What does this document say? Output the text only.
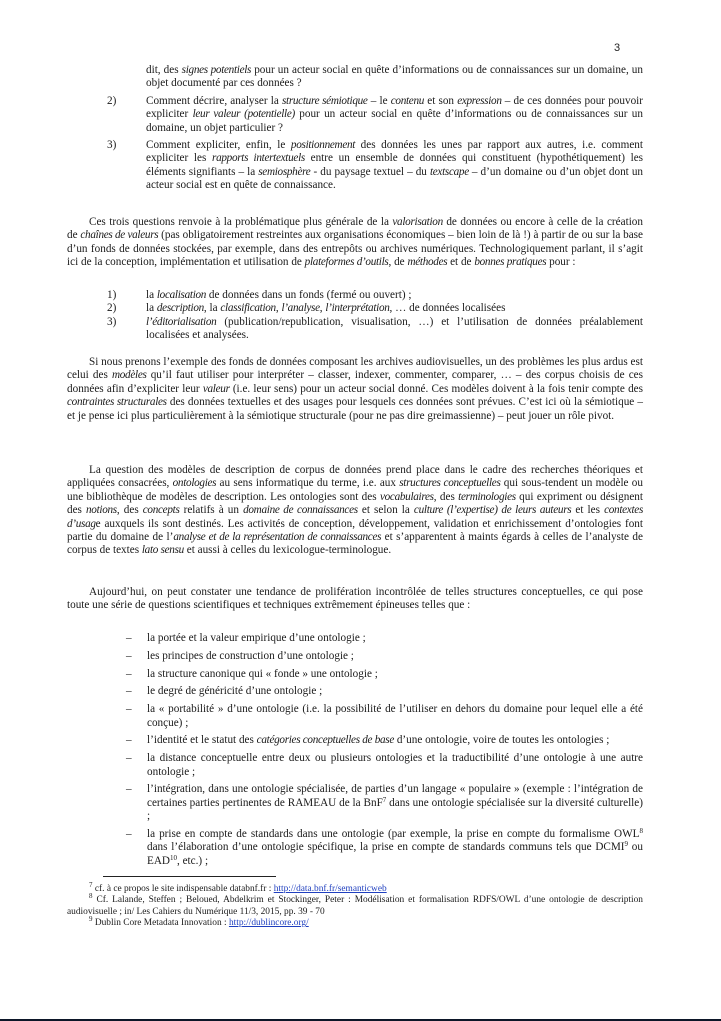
3
dit, des signes potentiels pour un acteur social en quête d’informations ou de connaissances sur un domaine, un objet documenté par ces données ?
2)	Comment décrire, analyser la structure sémiotique – le contenu et son expression – de ces données pour pouvoir expliciter leur valeur (potentielle) pour un acteur social en quête d’informations ou de connaissances sur un domaine, un objet particulier ?
3)	Comment expliciter, enfin, le positionnement des données les unes par rapport aux autres, i.e. comment expliciter les rapports intertextuels entre un ensemble de données qui constituent (hypothétiquement) les éléments signifiants – la semiosphère - du paysage textuel – du textscape – d’un domaine ou d’un objet dont un acteur social est en quête de connaissance.
Ces trois questions renvoie à la problématique plus générale de la valorisation de données ou encore à celle de la création de chaînes de valeurs (pas obligatoirement restreintes aux organisations économiques – bien loin de là !) à partir de ou sur la base d’un fonds de données stockées, par exemple, dans des entrepôts ou archives numériques. Technologiquement parlant, il s’agit ici de la conception, implémentation et utilisation de plateformes d’outils, de méthodes et de bonnes pratiques pour :
1)	la localisation de données dans un fonds (fermé ou ouvert) ;
2)	la description, la classification, l’analyse, l’interprétation, … de données localisées
3)	l’éditorialisation (publication/republication, visualisation, …) et l’utilisation de données préalablement localisées et analysées.
Si nous prenons l’exemple des fonds de données composant les archives audiovisuelles, un des problèmes les plus ardus est celui des modèles qu’il faut utiliser pour interpréter – classer, indexer, commenter, comparer, … – des corpus choisis de ces données afin d’expliciter leur valeur (i.e. leur sens) pour un acteur social donné. Ces modèles doivent à la fois tenir compte des contraintes structurales des données textuelles et des usages pour lesquels ces données sont prévues. C’est ici où la sémiotique – et je pense ici plus particulièrement à la sémiotique structurale (pour ne pas dire greimassienne) – peut jouer un rôle pivot.
La question des modèles de description de corpus de données prend place dans le cadre des recherches théoriques et appliquées consacrées, ontologies au sens informatique du terme, i.e. aux structures conceptuelles qui sous-tendent un modèle ou une bibliothèque de modèles de description. Les ontologies sont des vocabulaires, des terminologies qui expriment ou désignent des notions, des concepts relatifs à un domaine de connaissances et selon la culture (l’expertise) de leurs auteurs et les contextes d’usage auxquels ils sont destinés. Les activités de conception, développement, validation et enrichissement d’ontologies font partie du domaine de l’analyse et de la représentation de connaissances et s’apparentent à maints égards à celles de l’analyste de corpus de textes lato sensu et aussi à celles du lexicologue-terminologue.
Aujourd’hui, on peut constater une tendance de prolifération incontrôlée de telles structures conceptuelles, ce qui pose toute une série de questions scientifiques et techniques extrêmement épineuses telles que :
– la portée et la valeur empirique d’une ontologie ;
– les principes de construction d’une ontologie ;
– la structure canonique qui « fonde » une ontologie ;
– le degré de généricité d’une ontologie ;
– la « portabilité » d’une ontologie (i.e. la possibilité de l’utiliser en dehors du domaine pour lequel elle a été conçue) ;
– l’identité et le statut des catégories conceptuelles de base d’une ontologie, voire de toutes les ontologies ;
– la distance conceptuelle entre deux ou plusieurs ontologies et la traductibilité d’une ontologie à une autre ontologie ;
– l’intégration, dans une ontologie spécialisée, de parties d’un langage « populaire » (exemple : l’intégration de certaines parties pertinentes de RAMEAU de la BnF$^7$ dans une ontologie spécialisée sur la diversité culturelle) ;
– la prise en compte de standards dans une ontologie (par exemple, la prise en compte du formalisme OWL$^8$ dans l’élaboration d’une ontologie spécifique, la prise en compte de standards communs tels que DCMI$^9$ ou EAD$^{10}$, etc.) ;
$^7$ cf. à ce propos le site indispensable databnf.fr : http://data.bnf.fr/semanticweb
$^8$ Cf. Lalande, Steffen ; Beloued, Abdelkrim et Stockinger, Peter : Modélisation et formalisation RDFS/OWL d’une ontologie de description audiovisuelle ; in/ Les Cahiers du Numérique 11/3, 2015, pp. 39 - 70
$^9$ Dublin Core Metadata Innovation : http://dublincore.org/
